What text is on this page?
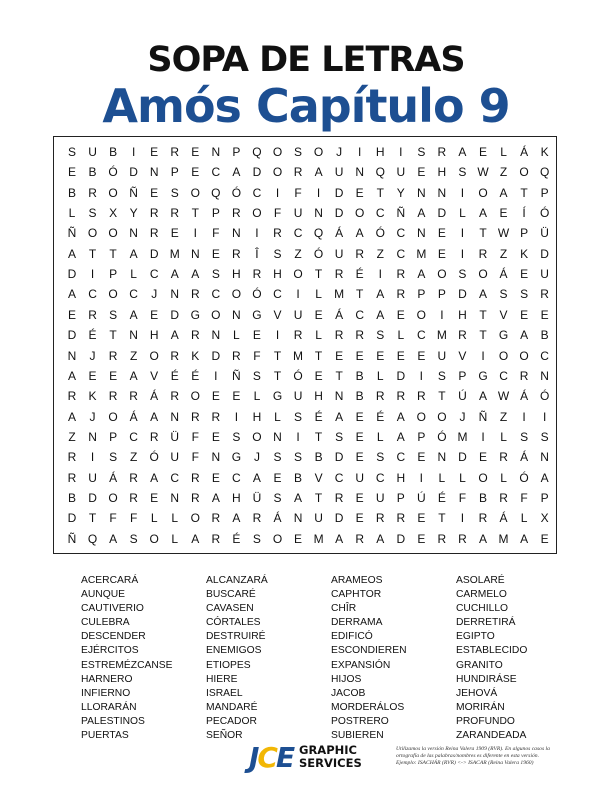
SOPA DE LETRAS
Amós Capítulo 9
S	U	B	I	E	R	E	N	P Q O S O	J	I	H	I	S	R	A	E	L	Á	K
E	B Ó D N	P	E	C	A	D O R	A	U N Q U	E	H	S W Z	O Q
B	R O Ñ	E	S O Q Ó C	I	F	I	D	E	T	Y	N N	I	O A	T	P
L	S	X	Y	R R	T	P	R O	F	U N D O C Ñ	A	D	L	A	E	Í	Ó
Ñ O O N R	E	I	F	N	I	R C Q Á	A Ó C N	E	I	T W P	Ü
A	T	T	A	D M N	E	R	Î	S	Z	Ó U R	Z	C M E	I	R	Z	K	D
D	I	P	L	C	A	A	S	H R H O	T	R	É	I	R	A O S O Á	E	U
A	C O C	J	N R C O Ó C	I	L	M T	A	R	P	P	D	A	S	S	R
E	R	S	A	E	D G O N G V	U	E	Á	C	A	E O	I	H	T	V	E	E
D	É	T	N H	A	R N	L	E	I	R	L	R R	S	L	C M R	T	G A	B
N	J	R	Z	O R	K	D R	F	T M T	E	E	E	E	E	U	V	I	O O C
A	E	E	A	V	É	É	I	Ñ	S	T	Ó E	T	B	L	D	I	S	P G C R N
R	K	R R	Á	R O E	E	L	G U H N	B	R R R	T	Ú	A W Á Ó
A	J	O Á	A	N R R	I	H	L	S	É	A	E	É	A O O	J	Ñ	Z	I	I
Z	N	P	C R Ü	F	E	S O N	I	T	S	E	L	A	P Ó M	I	L	S	S
R	I	S	Z	Ó U	F	N G	J	S	S	B	D	E	S	C	E	N D	E	R	Á	N
R U	Á	R	A	C R	E	C	A	E	B	V	C U C H	I	L	L	O	L	Ó A
B	D O R	E	N R	A	H Ü	S	A	T	R	E	U	P	Ú	É	F	B	R	F	P
D	T	F	F	L	L	O R	A	R	Á	N U D	E	R R	E	T	I	R	Á	L	X
Ñ Q A	S O	L	A	R	É	S O E M A	R	A	D	E	R R	A M A	E
ACERCARÁ
AUNQUE
CAUTIVERIO
CULEBRA
DESCENDER
EJÉRCITOS
ESTREMÉZCANSE
HARNERO
INFIERNO
LLORARÁN
PALESTINOS
PUERTAS
ALCANZARÁ
BUSCARÉ
CAVASEN
CÓRTALES
DESTRUIRÉ
ENEMIGOS
ETIOPES
HIERE
ISRAEL
MANDARÉ
PECADOR
SEÑOR
ARAMEOS
CAPHTOR
CHÎR
DERRAMA
EDIFICÓ
ESCONDIEREN
EXPANSIÓN
HIJOS
JACOB
MORDERÁLOS
POSTRERO
SUBIEREN
ASOLARÉ
CARMELO
CUCHILLO
DERRETIRÁ
EGIPTO
ESTABLECIDO
GRANITO
HUNDIRÁSE
JEHOVÁ
MORIRÁN
PROFUNDO
ZARANDEADA
JCE GRAPHIC
SERVICES
Utilizamos la versión Reina Valera 1909 (RVR). En algunos casos la ortografía de las palabras/nombres es diferente en esta versión. Ejemplo: ISACHÁR (RVR) <-> ISACAR (Reina Valera 1960)
